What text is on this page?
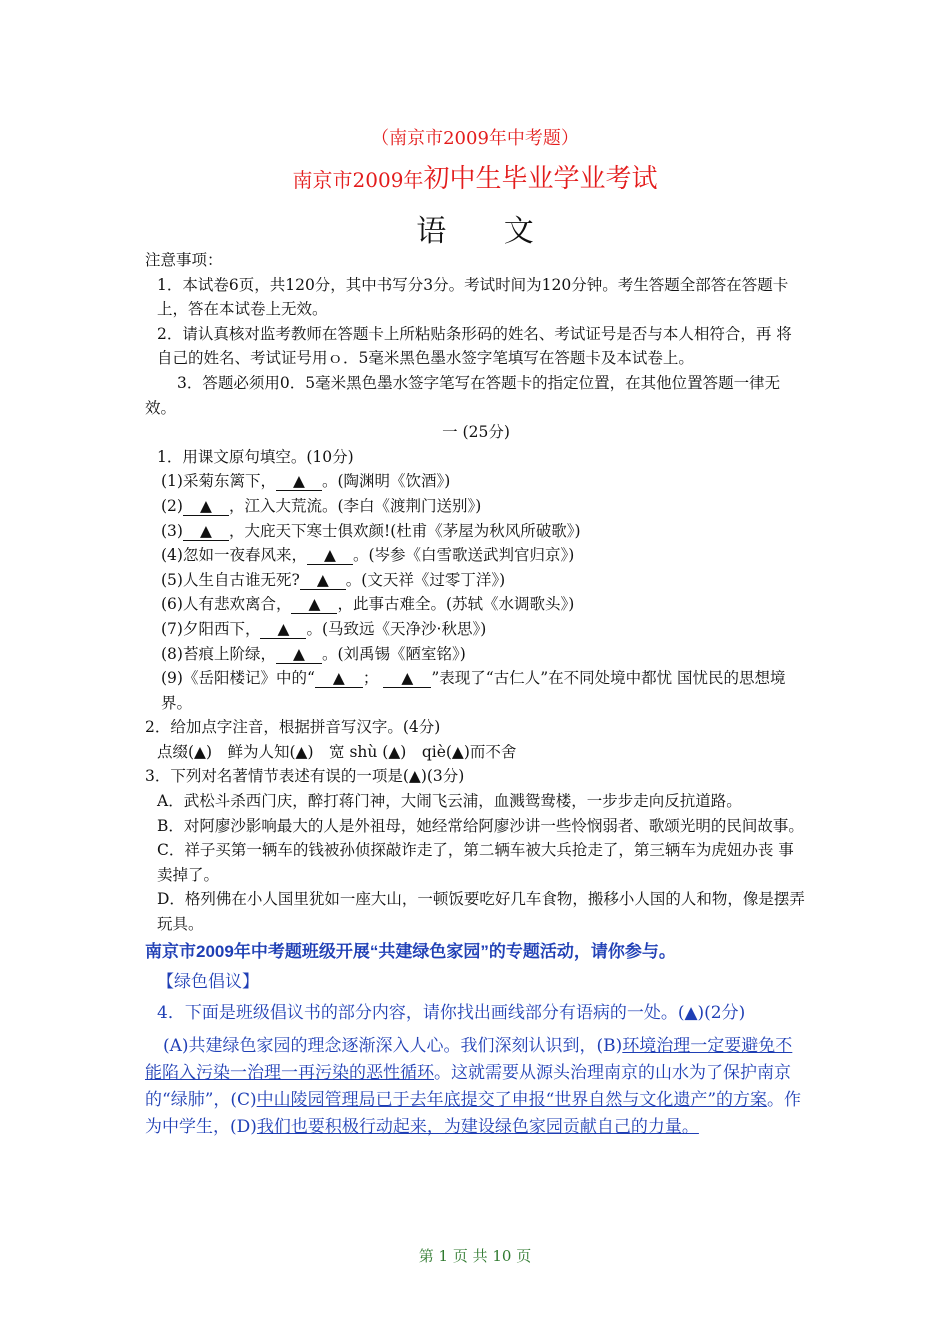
（南京市2009年中考题）
南京市2009年初中生毕业学业考试
语 文

注意事项：

1．本试卷6页，共120分，其中书写分3分。考试时间为120分钟。考生答题全部答在答题卡上，答在本试卷上无效。

2．请认真核对监考教师在答题卡上所粘贴条形码的姓名、考试证号是否与本人相符合，再 将自己的姓名、考试证号用ｏ．5毫米黑色墨水签字笔填写在答题卡及本试卷上。

3．答题必须用0．5毫米黑色墨水签字笔写在答题卡的指定位置，在其他位置答题一律无效。

一 (25分)

1．用课文原句填空。(10分)

(1)采菊东篱下， ▲ 。(陶渊明《饮酒》)

(2) ▲ ，江入大荒流。(李白《渡荆门送别》)

(3) ▲ ，大庇天下寒士俱欢颜!(杜甫《茅屋为秋风所破歌》)

(4)忽如一夜春风来， ▲ 。(岑参《白雪歌送武判官归京》)

(5)人生自古谁无死? ▲ 。(文天祥《过零丁洋》)

(6)人有悲欢离合， ▲ ，此事古难全。(苏轼《水调歌头》)

(7)夕阳西下， ▲ 。(马致远《天净沙·秋思》)

(8)苔痕上阶绿， ▲ 。(刘禹锡《陋室铭》)

(9)《岳阳楼记》中的“ ▲ ； ▲ ”表现了“古仁人”在不同处境中都忧 国忧民的思想境界。

2．给加点字注音，根据拼音写汉字。(4分)

点缀(▲)　鲜为人知(▲)　宽 shù (▲)　qiè(▲)而不舍

3．下列对名著情节表述有误的一项是(▲)(3分)

A．武松斗杀西门庆，醉打蒋门神，大闹飞云浦，血溅鸳鸯楼，一步步走向反抗道路。

B．对阿廖沙影响最大的人是外祖母，她经常给阿廖沙讲一些怜悯弱者、歌颂光明的民间故事。

C．祥子买第一辆车的钱被孙侦探敲诈走了，第二辆车被大兵抢走了，第三辆车为虎妞办丧 事卖掉了。

D．格列佛在小人国里犹如一座大山，一顿饭要吃好几车食物，搬移小人国的人和物，像是摆弄玩具。

南京市2009年中考题班级开展“共建绿色家园”的专题活动，请你参与。

【绿色倡议】

4．下面是班级倡议书的部分内容，请你找出画线部分有语病的一处。(▲)(2分)

(A)共建绿色家园的理念逐渐深入人心。我们深刻认识到，(B)环境治理一定要避免不能陷入污染一治理一再污染的恶性循环。这就需要从源头治理南京的山水为了保护南京的“绿肺”，(C)中山陵园管理局已于去年底提交了申报“世界自然与文化遗产”的方案。作 为中学生，(D)我们也要积极行动起来，为建设绿色家园贡献自己的力量。

第 1 页 共 10 页
